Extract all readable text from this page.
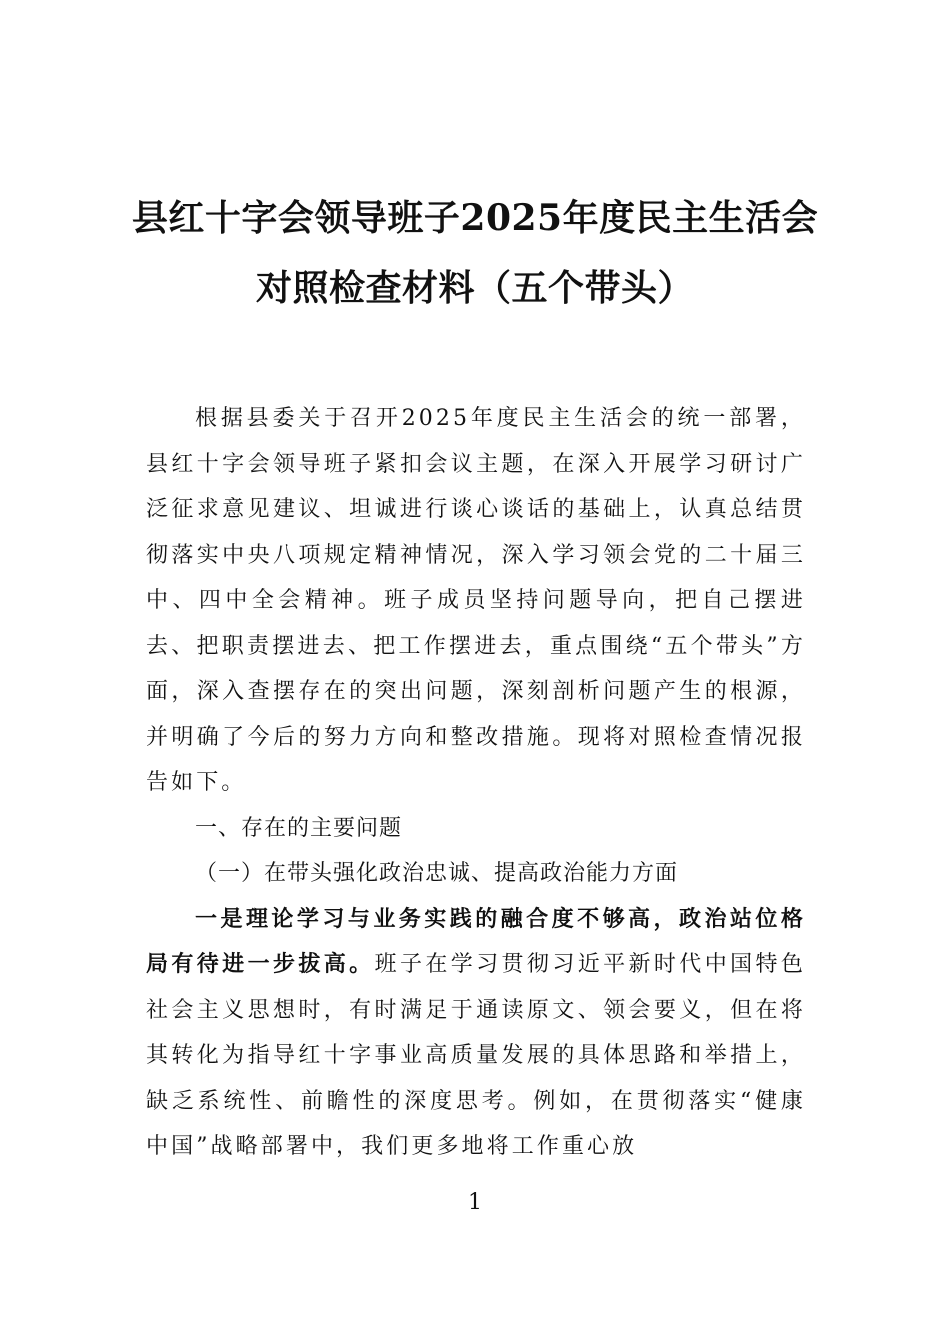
县红十字会领导班子2025年度民主生活会
对照检查材料（五个带头）

根据县委关于召开2025年度民主生活会的统一部署，县红十字会领导班子紧扣会议主题，在深入开展学习研讨广泛征求意见建议、坦诚进行谈心谈话的基础上，认真总结贯彻落实中央八项规定精神情况，深入学习领会党的二十届三中、四中全会精神。班子成员坚持问题导向，把自己摆进去、把职责摆进去、把工作摆进去，重点围绕“五个带头”方面，深入查摆存在的突出问题，深刻剖析问题产生的根源，并明确了今后的努力方向和整改措施。现将对照检查情况报告如下。

一、存在的主要问题

（一）在带头强化政治忠诚、提高政治能力方面

一是理论学习与业务实践的融合度不够高，政治站位格局有待进一步拔高。班子在学习贯彻习近平新时代中国特色社会主义思想时，有时满足于通读原文、领会要义，但在将其转化为指导红十字事业高质量发展的具体思路和举措上，缺乏系统性、前瞻性的深度思考。例如，在贯彻落实“健康中国”战略部署中，我们更多地将工作重心放

1
